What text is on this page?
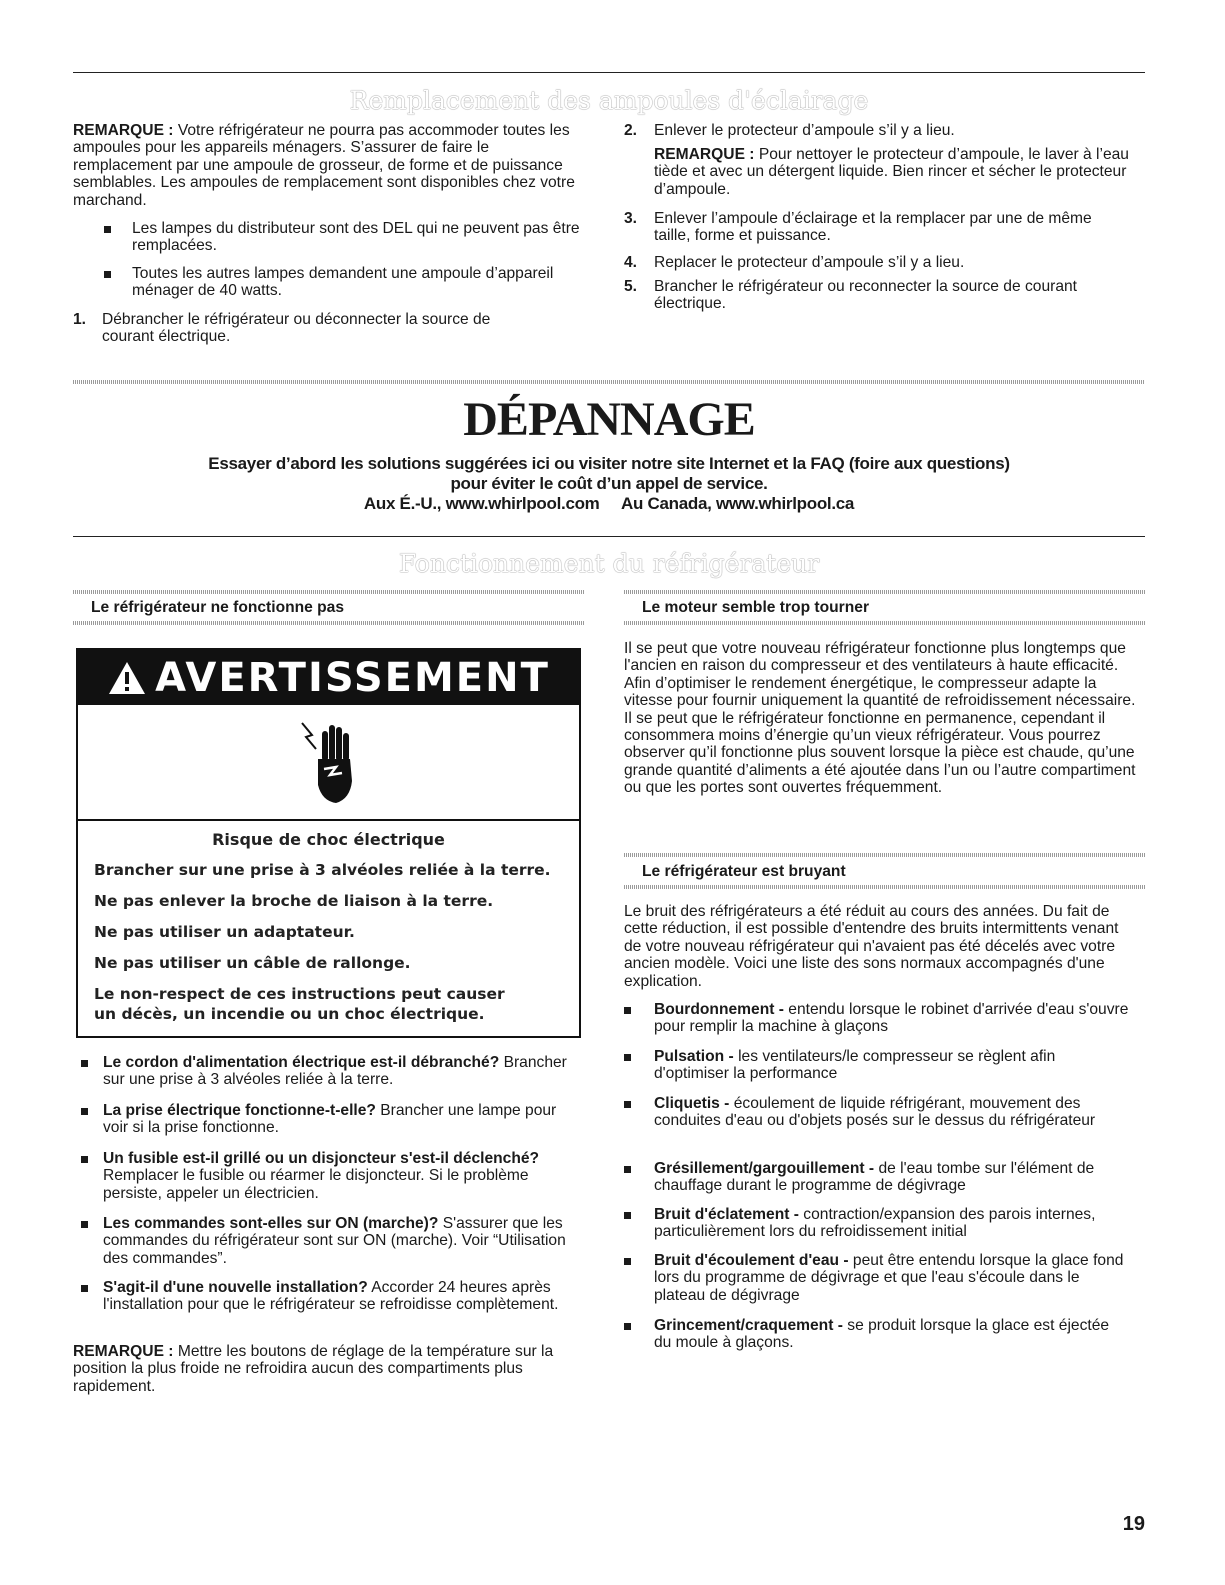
Remplacement des ampoules d'éclairage

REMARQUE : Votre réfrigérateur ne pourra pas accommoder toutes les ampoules pour les appareils ménagers. S’assurer de faire le remplacement par une ampoule de grosseur, de forme et de puissance semblables. Les ampoules de remplacement sont disponibles chez votre marchand.

Les lampes du distributeur sont des DEL qui ne peuvent pas être remplacées.
Toutes les autres lampes demandent une ampoule d’appareil ménager de 40 watts.
1. Débrancher le réfrigérateur ou déconnecter la source de courant électrique.
2. Enlever le protecteur d’ampoule s’il y a lieu.

REMARQUE : Pour nettoyer le protecteur d’ampoule, le laver à l’eau tiède et avec un détergent liquide. Bien rincer et sécher le protecteur d’ampoule.

3. Enlever l’ampoule d’éclairage et la remplacer par une de même taille, forme et puissance.
4. Replacer le protecteur d’ampoule s’il y a lieu.
5. Brancher le réfrigérateur ou reconnecter la source de courant électrique.
DÉPANNAGE
Essayer d’abord les solutions suggérées ici ou visiter notre site Internet et la FAQ (foire aux questions)
pour éviter le coût d’un appel de service.
Aux É.-U., www.whirlpool.com Au Canada, www.whirlpool.ca
Fonctionnement du réfrigérateur
Le réfrigérateur ne fonctionne pas
AVERTISSEMENT
Risque de choc électrique
Brancher sur une prise à 3 alvéoles reliée à la terre.
Ne pas enlever la broche de liaison à la terre.
Ne pas utiliser un adaptateur.
Ne pas utiliser un câble de rallonge.
Le non-respect de ces instructions peut causer
un décès, un incendie ou un choc électrique.
Le cordon d'alimentation électrique est-il débranché? Brancher sur une prise à 3 alvéoles reliée à la terre.
La prise électrique fonctionne-t-elle? Brancher une lampe pour voir si la prise fonctionne.
Un fusible est-il grillé ou un disjoncteur s'est-il déclenché? Remplacer le fusible ou réarmer le disjoncteur. Si le problème persiste, appeler un électricien.
Les commandes sont-elles sur ON (marche)? S'assurer que les commandes du réfrigérateur sont sur ON (marche). Voir “Utilisation des commandes”.
S'agit-il d'une nouvelle installation? Accorder 24 heures après l'installation pour que le réfrigérateur se refroidisse complètement.

REMARQUE : Mettre les boutons de réglage de la température sur la position la plus froide ne refroidira aucun des compartiments plus rapidement.

Le moteur semble trop tourner
Il se peut que votre nouveau réfrigérateur fonctionne plus longtemps que l'ancien en raison du compresseur et des ventilateurs à haute efficacité. Afin d’optimiser le rendement énergétique, le compresseur adapte la vitesse pour fournir uniquement la quantité de refroidissement nécessaire. Il se peut que le réfrigérateur fonctionne en permanence, cependant il consommera moins d’énergie qu’un vieux réfrigérateur. Vous pourrez observer qu’il fonctionne plus souvent lorsque la pièce est chaude, qu’une grande quantité d’aliments a été ajoutée dans l’un ou l’autre compartiment ou que les portes sont ouvertes fréquemment.
Le réfrigérateur est bruyant
Le bruit des réfrigérateurs a été réduit au cours des années. Du fait de cette réduction, il est possible d'entendre des bruits intermittents venant de votre nouveau réfrigérateur qui n'avaient pas été décelés avec votre ancien modèle. Voici une liste des sons normaux accompagnés d'une explication.
Bourdonnement - entendu lorsque le robinet d'arrivée d'eau s'ouvre pour remplir la machine à glaçons
Pulsation - les ventilateurs/le compresseur se règlent afin d'optimiser la performance
Cliquetis - écoulement de liquide réfrigérant, mouvement des conduites d'eau ou d'objets posés sur le dessus du réfrigérateur
Grésillement/gargouillement - de l'eau tombe sur l'élément de chauffage durant le programme de dégivrage
Bruit d'éclatement - contraction/expansion des parois internes, particulièrement lors du refroidissement initial
Bruit d'écoulement d'eau - peut être entendu lorsque la glace fond lors du programme de dégivrage et que l'eau s'écoule dans le plateau de dégivrage
Grincement/craquement - se produit lorsque la glace est éjectée du moule à glaçons.
19
